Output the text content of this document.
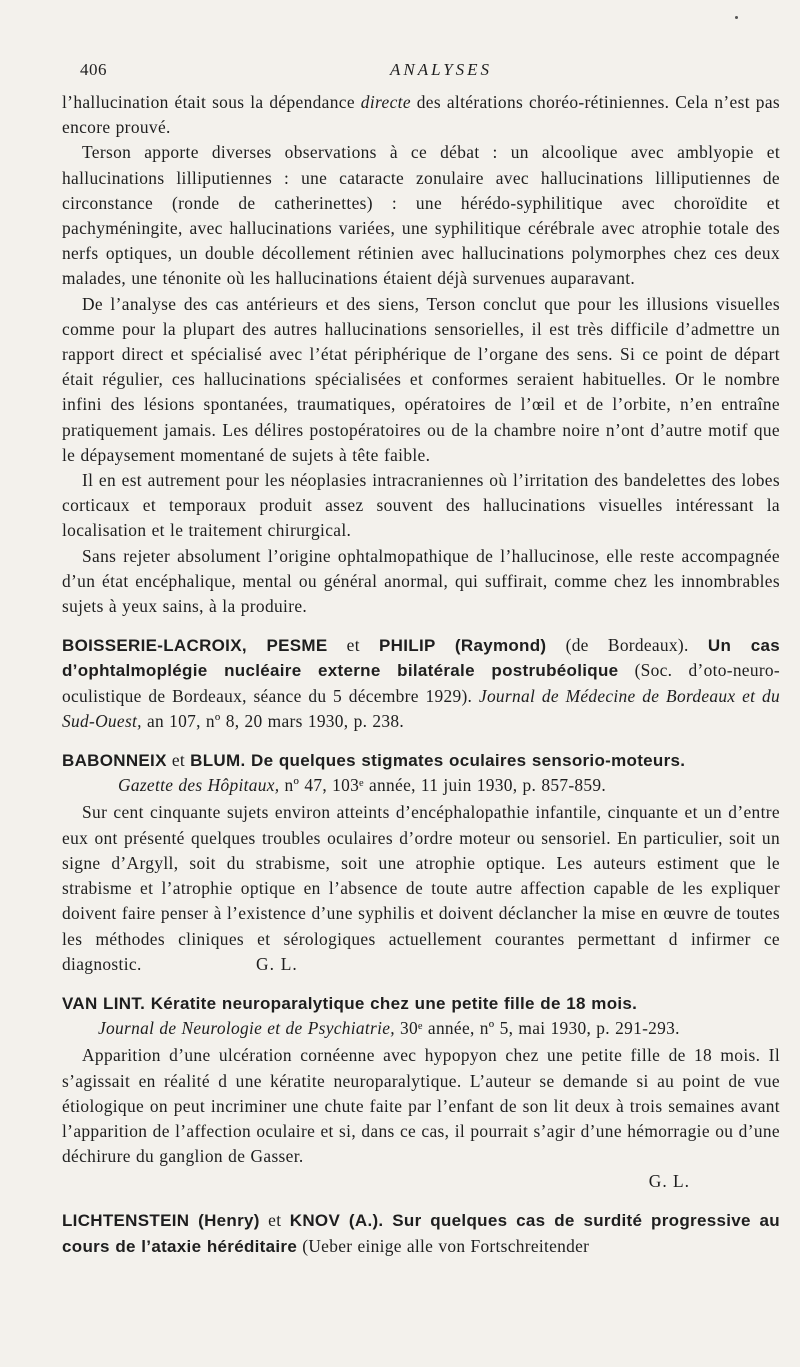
406	ANALYSES

l’hallucination était sous la dépendance directe des altérations choréo-rétiniennes. Cela n’est pas encore prouvé.

Terson apporte diverses observations à ce débat : un alcoolique avec amblyopie et hallucinations lilliputiennes : une cataracte zonulaire avec hallucinations lilliputiennes de circonstance (ronde de catherinettes) : une hérédo-syphilitique avec choroïdite et pachyméningite, avec hallucinations variées, une syphilitique cérébrale avec atrophie totale des nerfs optiques, un double décollement rétinien avec hallucinations polymorphes chez ces deux malades, une ténonite où les hallucinations étaient déjà survenues auparavant.

De l’analyse des cas antérieurs et des siens, Terson conclut que pour les illusions visuelles comme pour la plupart des autres hallucinations sensorielles, il est très difficile d’admettre un rapport direct et spécialisé avec l’état périphérique de l’organe des sens. Si ce point de départ était régulier, ces hallucinations spécialisées et conformes seraient habituelles. Or le nombre infini des lésions spontanées, traumatiques, opératoires de l’œil et de l’orbite, n’en entraîne pratiquement jamais. Les délires postopératoires ou de la chambre noire n’ont d’autre motif que le dépaysement momentané de sujets à tête faible.

Il en est autrement pour les néoplasies intracraniennes où l’irritation des bandelettes des lobes corticaux et temporaux produit assez souvent des hallucinations visuelles intéressant la localisation et le traitement chirurgical.

Sans rejeter absolument l’origine ophtalmopathique de l’hallucinose, elle reste accompagnée d’un état encéphalique, mental ou général anormal, qui suffirait, comme chez les innombrables sujets à yeux sains, à la produire.

BOISSERIE-LACROIX, PESME et PHILIP (Raymond) (de Bordeaux). Un cas d’ophtalmoplégie nucléaire externe bilatérale postrubéolique (Soc. d’oto-neuro-oculistique de Bordeaux, séance du 5 décembre 1929). Journal de Médecine de Bordeaux et du Sud-Ouest, an 107, nº 8, 20 mars 1930, p. 238.

BABONNEIX et BLUM. De quelques stigmates oculaires sensorio-moteurs.
Gazette des Hôpitaux, nº 47, 103ᵉ année, 11 juin 1930, p. 857-859.

Sur cent cinquante sujets environ atteints d’encéphalopathie infantile, cinquante et un d’entre eux ont présenté quelques troubles oculaires d’ordre moteur ou sensoriel. En particulier, soit un signe d’Argyll, soit du strabisme, soit une atrophie optique. Les auteurs estiment que le strabisme et l’atrophie optique en l’absence de toute autre affection capable de les expliquer doivent faire penser à l’existence d’une syphilis et doivent déclancher la mise en œuvre de toutes les méthodes cliniques et sérologiques actuellement courantes permettant d infirmer ce diagnostic.	G. L.

VAN LINT. Kératite neuroparalytique chez une petite fille de 18 mois.
Journal de Neurologie et de Psychiatrie, 30ᵉ année, nº 5, mai 1930, p. 291-293.

Apparition d’une ulcération cornéenne avec hypopyon chez une petite fille de 18 mois. Il s’agissait en réalité d une kératite neuroparalytique. L’auteur se demande si au point de vue étiologique on peut incriminer une chute faite par l’enfant de son lit deux à trois semaines avant l’apparition de l’affection oculaire et si, dans ce cas, il pourrait s’agir d’une hémorragie ou d’une déchirure du ganglion de Gasser.

G. L.

LICHTENSTEIN (Henry) et KNOV (A.). Sur quelques cas de surdité progressive au cours de l’ataxie héréditaire (Ueber einige alle von Fortschreitender
